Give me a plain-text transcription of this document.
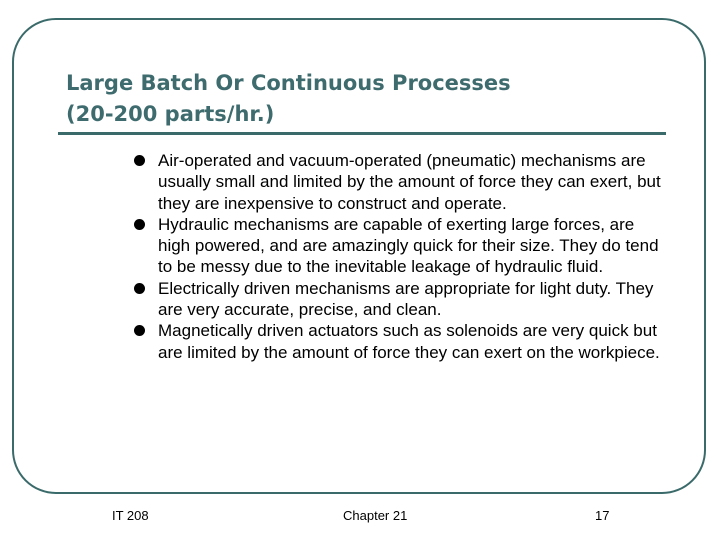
Large Batch Or Continuous Processes
(20-200 parts/hr.)
Air-operated and vacuum-operated (pneumatic) mechanisms are usually small and limited by the amount of force they can exert, but they are inexpensive to construct and operate.
Hydraulic mechanisms are capable of exerting large forces, are high powered, and are amazingly quick for their size. They do tend to be messy due to the inevitable leakage of hydraulic fluid.
Electrically driven mechanisms are appropriate for light duty. They are very accurate, precise, and clean.
Magnetically driven actuators such as solenoids are very quick but are limited by the amount of force they can exert on the workpiece.
IT 208	Chapter 21	17
